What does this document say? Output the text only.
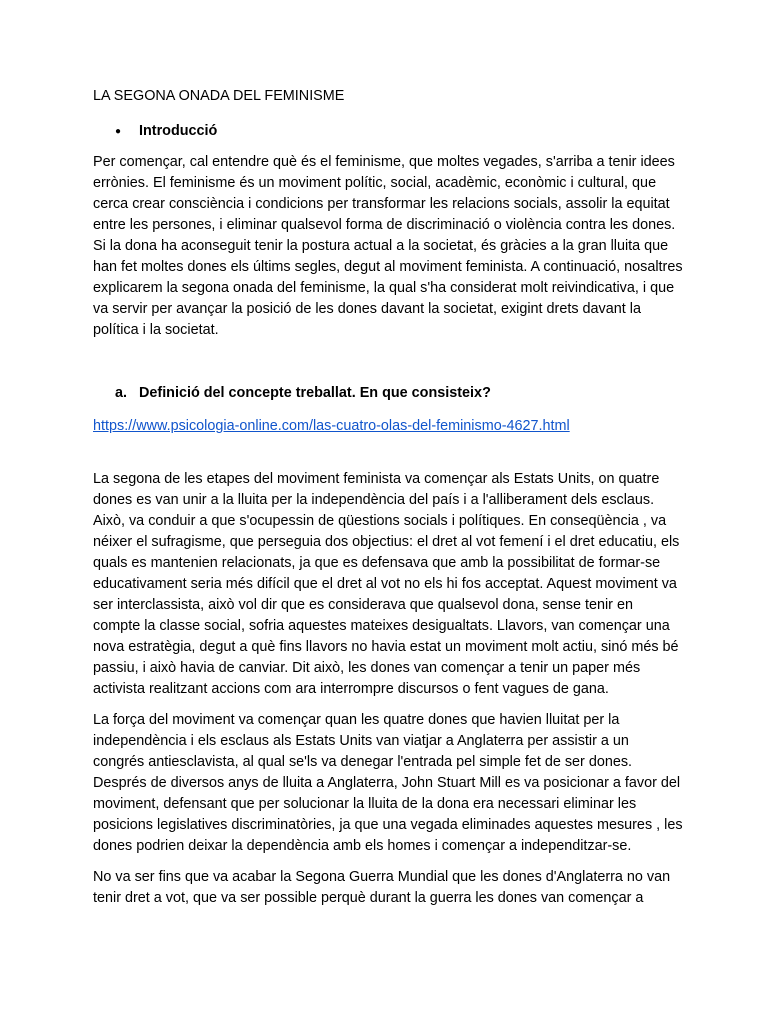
LA SEGONA ONADA DEL FEMINISME
●	Introducció

Per començar, cal entendre què és el feminisme, que moltes vegades, s'arriba a tenir idees errònies. El feminisme és un moviment polític, social, acadèmic, econòmic i cultural, que cerca crear consciència i condicions per transformar les relacions socials, assolir la equitat entre les persones, i eliminar qualsevol forma de discriminació o violència contra les dones. Si la dona ha aconseguit tenir la postura actual a la societat, és gràcies a la gran lluita que han fet moltes dones els últims segles, degut al moviment feminista. A continuació, nosaltres explicarem la segona onada del feminisme, la qual s'ha considerat molt reivindicativa, i que va servir per avançar la posició de les dones davant la societat, exigint drets davant la política i la societat.

a. Definició del concepte treballat. En que consisteix?
https://www.psicologia-online.com/las-cuatro-olas-del-feminismo-4627.html

La segona de les etapes del moviment feminista va començar als Estats Units, on quatre dones es van unir a la lluita per la independència del país i a l'alliberament dels esclaus. Això, va conduir a que s'ocupessin de qüestions socials i polítiques. En conseqüència , va néixer el sufragisme, que perseguia dos objectius: el dret al vot femení i el dret educatiu, els quals es mantenien relacionats, ja que es defensava que amb la possibilitat de formar-se educativament seria més difícil que el dret al vot no els hi fos acceptat. Aquest moviment va ser interclassista, això vol dir que es considerava que qualsevol dona, sense tenir en compte la classe social, sofria aquestes mateixes desigualtats. Llavors, van començar una nova estratègia, degut a què fins llavors no havia estat un moviment molt actiu, sinó més bé passiu, i això havia de canviar. Dit això, les dones van començar a tenir un paper més activista realitzant accions com ara interrompre discursos o fent vagues de gana.

La força del moviment va començar quan les quatre dones que havien lluitat per la independència i els esclaus als Estats Units van viatjar a Anglaterra per assistir a un congrés antiesclavista, al qual se'ls va denegar l'entrada pel simple fet de ser dones. Després de diversos anys de lluita a Anglaterra, John Stuart Mill es va posicionar a favor del moviment, defensant que per solucionar la lluita de la dona era necessari eliminar les posicions legislatives discriminatòries, ja que una vegada eliminades aquestes mesures , les dones podrien deixar la dependència amb els homes i començar a independitzar-se.

No va ser fins que va acabar la Segona Guerra Mundial que les dones d'Anglaterra no van tenir dret a vot, que va ser possible perquè durant la guerra les dones van començar a
